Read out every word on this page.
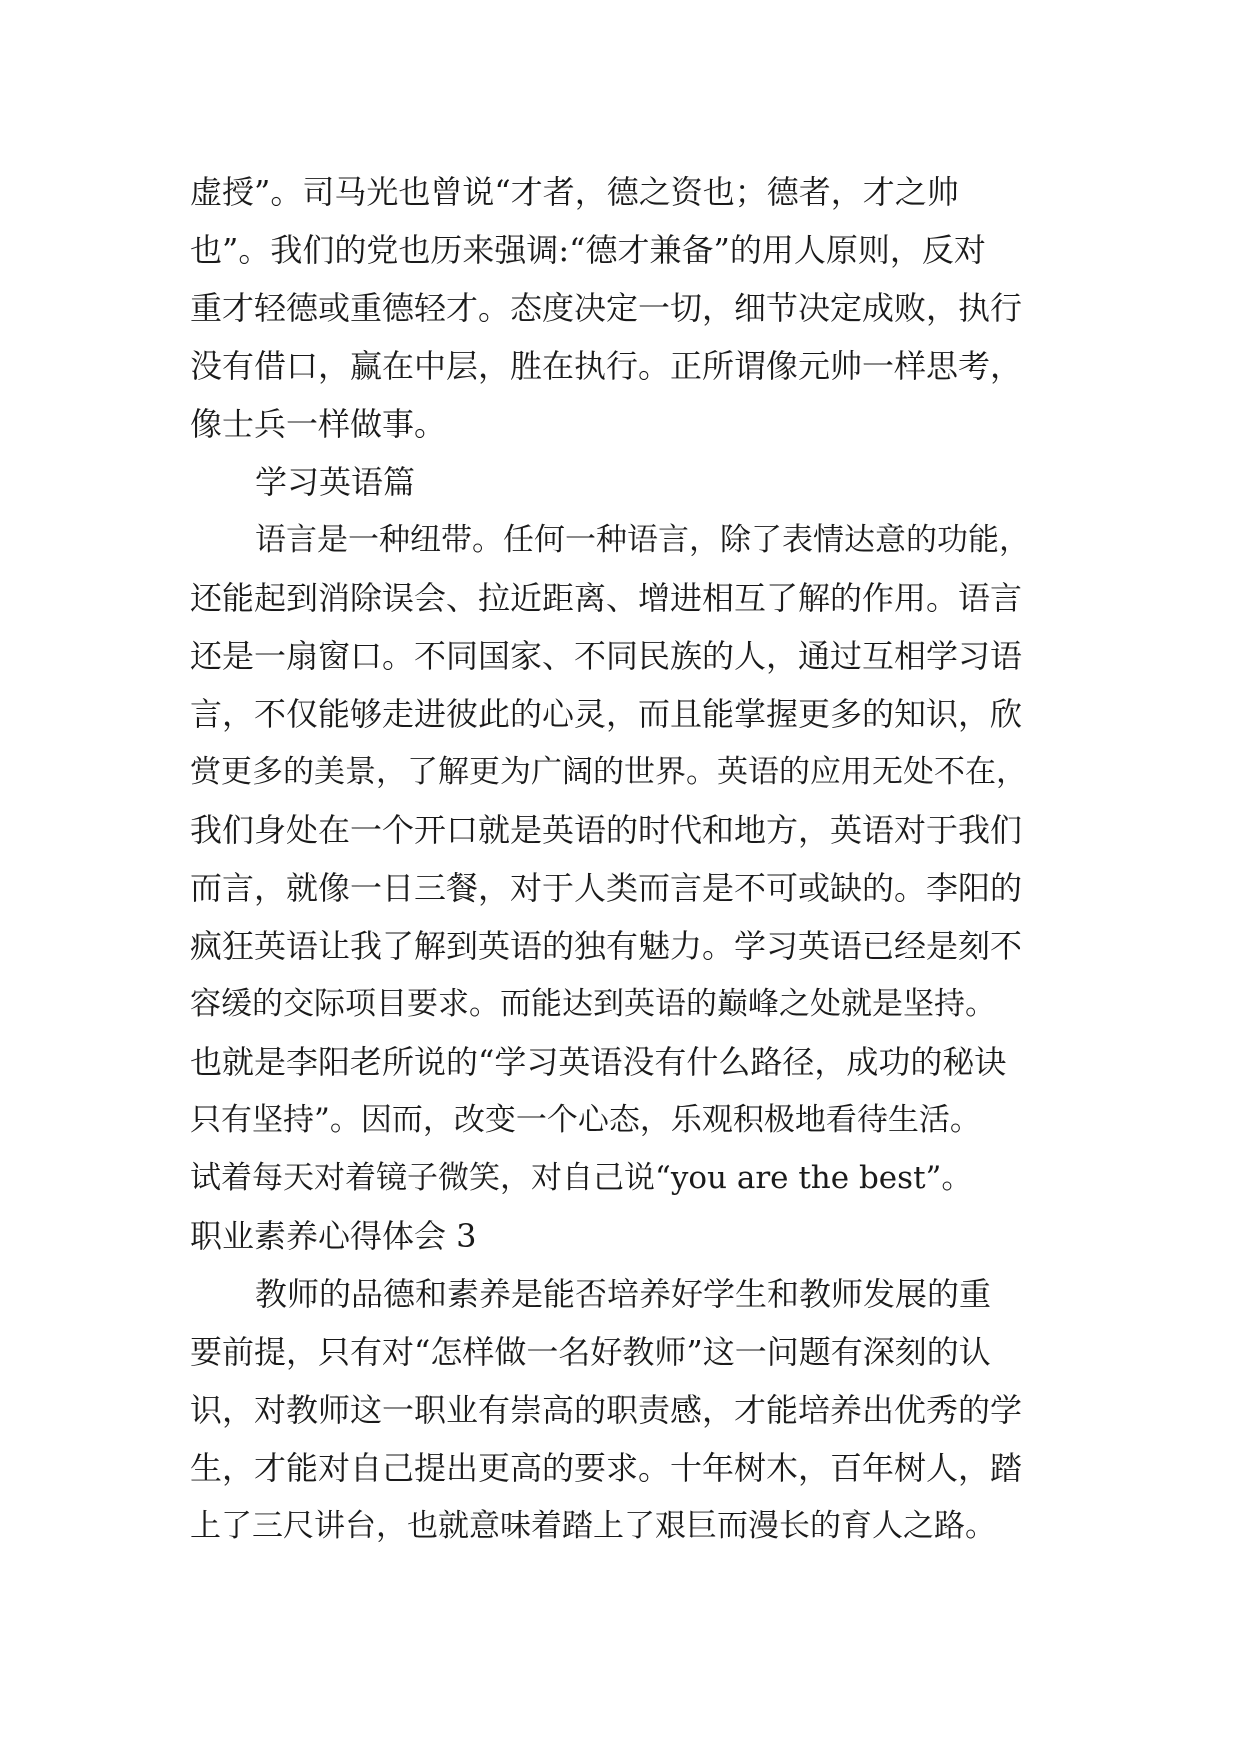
虚授”。司马光也曾说“才者，德之资也；德者，才之帅

也”。我们的党也历来强调:“德才兼备”的用人原则，反对

重才轻德或重德轻才。态度决定一切，细节决定成败，执行

没有借口，赢在中层，胜在执行。正所谓像元帅一样思考，

像士兵一样做事。

学习英语篇

语言是一种纽带。任何一种语言，除了表情达意的功能，

还能起到消除误会、拉近距离、增进相互了解的作用。语言

还是一扇窗口。不同国家、不同民族的人，通过互相学习语

言，不仅能够走进彼此的心灵，而且能掌握更多的知识，欣

赏更多的美景，了解更为广阔的世界。英语的应用无处不在，

我们身处在一个开口就是英语的时代和地方，英语对于我们

而言，就像一日三餐，对于人类而言是不可或缺的。李阳的

疯狂英语让我了解到英语的独有魅力。学习英语已经是刻不

容缓的交际项目要求。而能达到英语的巅峰之处就是坚持。

也就是李阳老所说的“学习英语没有什么路径，成功的秘诀

只有坚持”。因而，改变一个心态，乐观积极地看待生活。

试着每天对着镜子微笑，对自己说“you are the best”。

职业素养心得体会 3

教师的品德和素养是能否培养好学生和教师发展的重

要前提，只有对“怎样做一名好教师”这一问题有深刻的认

识，对教师这一职业有崇高的职责感，才能培养出优秀的学

生，才能对自己提出更高的要求。十年树木，百年树人，踏

上了三尺讲台，也就意味着踏上了艰巨而漫长的育人之路。
